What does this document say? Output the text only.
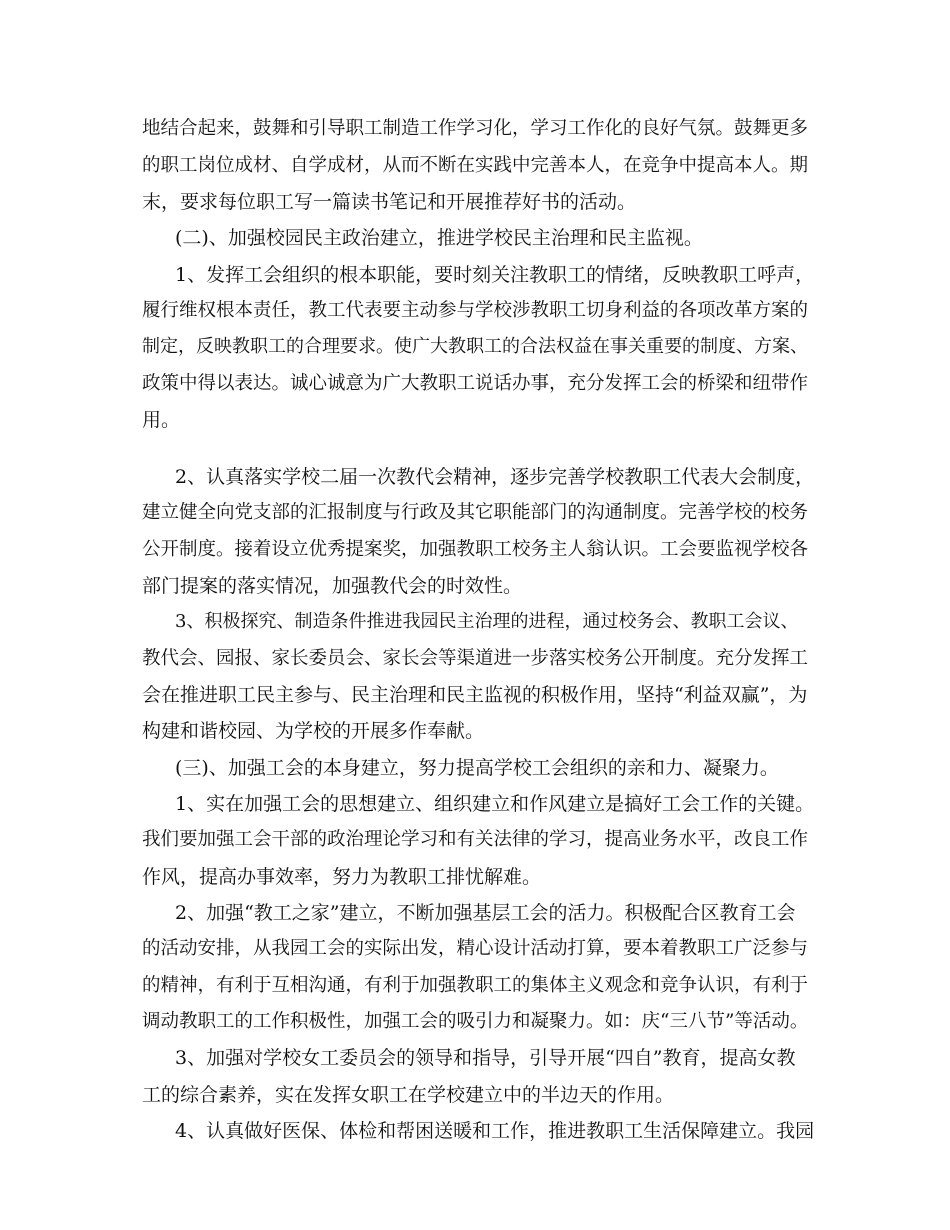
地结合起来，鼓舞和引导职工制造工作学习化，学习工作化的良好气氛。鼓舞更多
的职工岗位成材、自学成材，从而不断在实践中完善本人，在竞争中提高本人。期
末，要求每位职工写一篇读书笔记和开展推荐好书的活动。
(二)、加强校园民主政治建立，推进学校民主治理和民主监视。
1、发挥工会组织的根本职能，要时刻关注教职工的情绪，反映教职工呼声，
履行维权根本责任，教工代表要主动参与学校涉教职工切身利益的各项改革方案的
制定，反映教职工的合理要求。使广大教职工的合法权益在事关重要的制度、方案、
政策中得以表达。诚心诚意为广大教职工说话办事，充分发挥工会的桥梁和纽带作
用。
2、认真落实学校二届一次教代会精神，逐步完善学校教职工代表大会制度，
建立健全向党支部的汇报制度与行政及其它职能部门的沟通制度。完善学校的校务
公开制度。接着设立优秀提案奖，加强教职工校务主人翁认识。工会要监视学校各
部门提案的落实情况，加强教代会的时效性。
3、积极探究、制造条件推进我园民主治理的进程，通过校务会、教职工会议、
教代会、园报、家长委员会、家长会等渠道进一步落实校务公开制度。充分发挥工
会在推进职工民主参与、民主治理和民主监视的积极作用，坚持“利益双赢”，为
构建和谐校园、为学校的开展多作奉献。
(三)、加强工会的本身建立，努力提高学校工会组织的亲和力、凝聚力。
1、实在加强工会的思想建立、组织建立和作风建立是搞好工会工作的关键。
我们要加强工会干部的政治理论学习和有关法律的学习，提高业务水平，改良工作
作风，提高办事效率，努力为教职工排忧解难。
2、加强“教工之家”建立，不断加强基层工会的活力。积极配合区教育工会
的活动安排，从我园工会的实际出发，精心设计活动打算，要本着教职工广泛参与
的精神，有利于互相沟通，有利于加强教职工的集体主义观念和竞争认识，有利于
调动教职工的工作积极性，加强工会的吸引力和凝聚力。如：庆“三八节”等活动。
3、加强对学校女工委员会的领导和指导，引导开展“四自”教育，提高女教
工的综合素养，实在发挥女职工在学校建立中的半边天的作用。
4、认真做好医保、体检和帮困送暖和工作，推进教职工生活保障建立。我园
